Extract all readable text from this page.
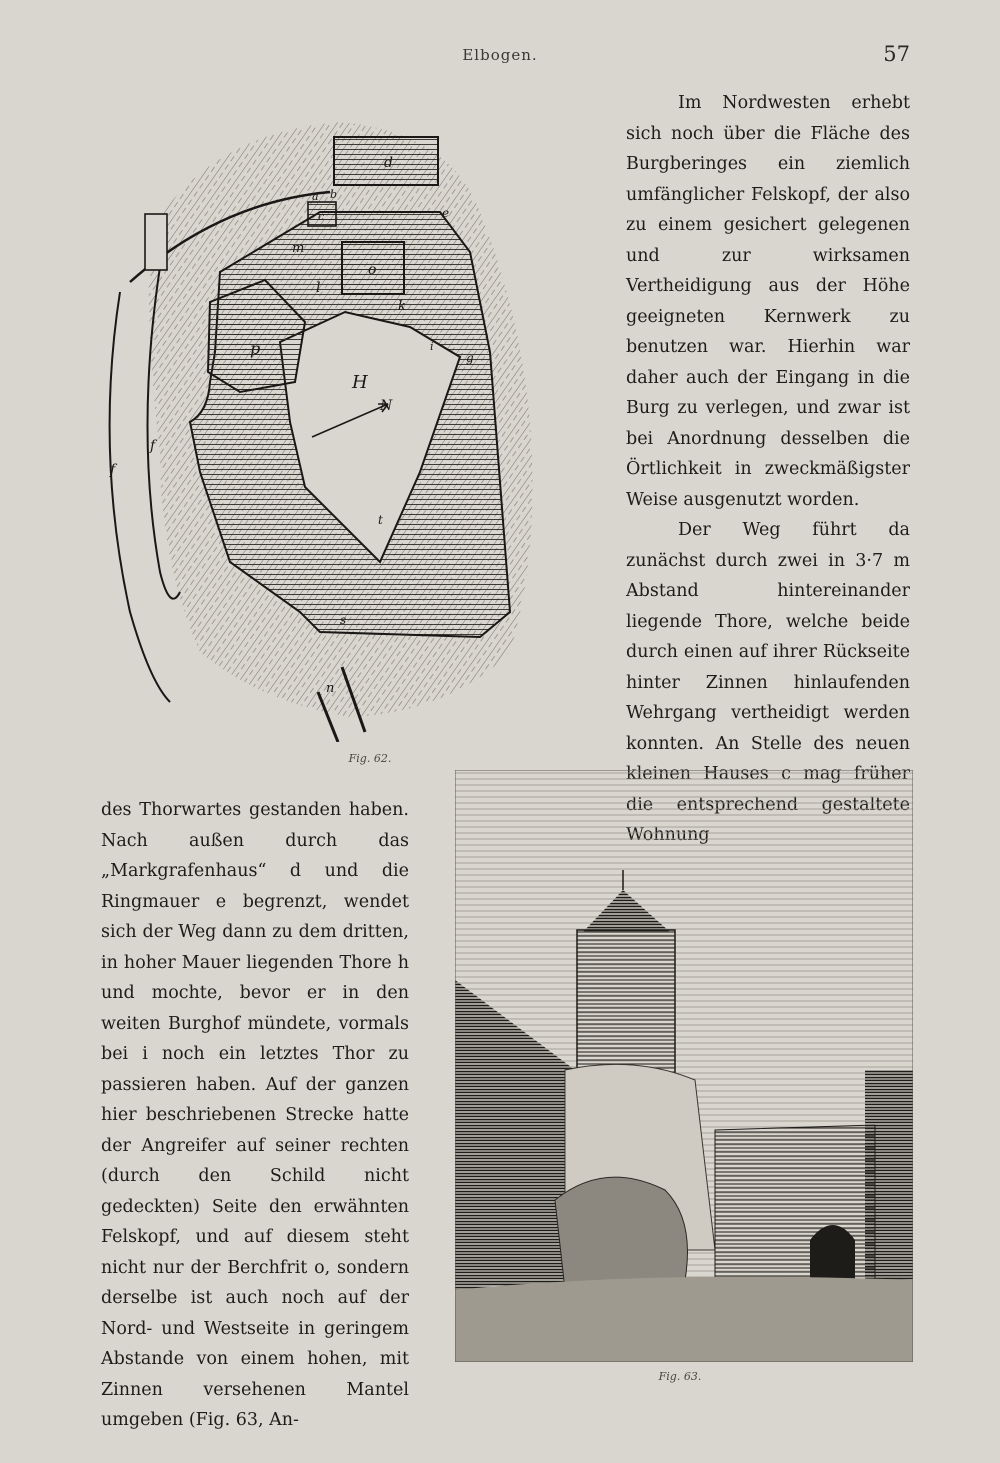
Elbogen.	57
d
a b
c	e
m
o
l
p
k
i
g
H
N
f
f
t
s
n
Fig. 62.

Im Nordwesten erhebt sich noch über die Fläche des Burgberinges ein ziemlich umfänglicher Felskopf, der also zu einem gesichert gelegenen und zur wirksamen Vertheidigung aus der Höhe geeigneten Kernwerk zu benutzen war. Hierhin war daher auch der Eingang in die Burg zu verlegen, und zwar ist bei Anordnung desselben die Örtlichkeit in zweckmäßigster Weise ausgenutzt worden.

Der Weg führt da zunächst durch zwei in 3·7 m Abstand hintereinander liegende Thore, welche beide durch einen auf ihrer Rückseite hinter Zinnen hinlaufenden Wehrgang vertheidigt werden konnten. An Stelle des neuen

Fig. 63.

des Thorwartes gestanden haben. Nach außen durch das „Markgrafenhaus“ d und die Ringmauer e begrenzt, wendet sich der Weg dann zu dem dritten, in hoher Mauer liegenden Thore h und mochte, bevor er in den weiten Burghof mündete, vormals bei i noch ein letztes Thor zu passieren haben. Auf der ganzen hier beschriebenen Strecke hatte der Angreifer auf seiner rechten (durch den Schild nicht gedeckten) Seite den erwähnten Felskopf, und auf diesem steht nicht nur der Berchfrit o, sondern derselbe ist auch noch auf der Nord- und Westseite in geringem Abstande von einem hohen, mit Zinnen versehenen Mantel umgeben (Fig. 63, An-
